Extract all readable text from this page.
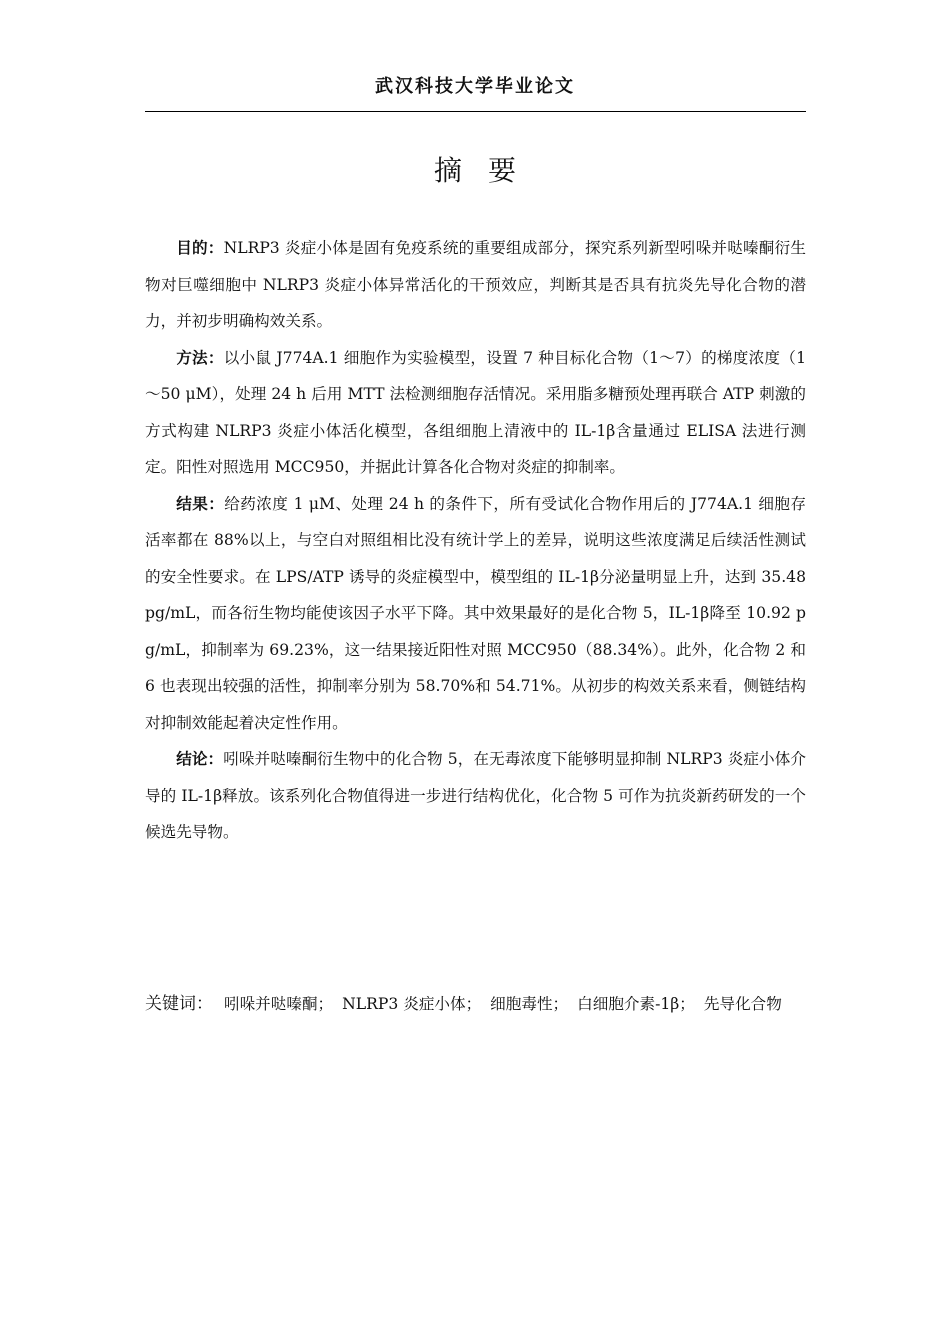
武汉科技大学毕业论文
摘要

目的：NLRP3 炎症小体是固有免疫系统的重要组成部分，探究系列新型吲哚并哒嗪酮衍生物对巨噬细胞中 NLRP3 炎症小体异常活化的干预效应，判断其是否具有抗炎先导化合物的潜力，并初步明确构效关系。

方法：以小鼠 J774A.1 细胞作为实验模型，设置 7 种目标化合物（1～7）的梯度浓度（1～50 μM），处理 24 h 后用 MTT 法检测细胞存活情况。采用脂多糖预处理再联合 ATP 刺激的方式构建 NLRP3 炎症小体活化模型，各组细胞上清液中的 IL-1β含量通过 ELISA 法进行测定。阳性对照选用 MCC950，并据此计算各化合物对炎症的抑制率。

结果：给药浓度 1 μM、处理 24 h 的条件下，所有受试化合物作用后的 J774A.1 细胞存活率都在 88%以上，与空白对照组相比没有统计学上的差异，说明这些浓度满足后续活性测试的安全性要求。在 LPS/ATP 诱导的炎症模型中，模型组的 IL-1β分泌量明显上升，达到 35.48 pg/mL，而各衍生物均能使该因子水平下降。其中效果最好的是化合物 5，IL-1β降至 10.92 pg/mL，抑制率为 69.23%，这一结果接近阳性对照 MCC950（88.34%）。此外，化合物 2 和 6 也表现出较强的活性，抑制率分别为 58.70%和 54.71%。从初步的构效关系来看，侧链结构对抑制效能起着决定性作用。

结论：吲哚并哒嗪酮衍生物中的化合物 5，在无毒浓度下能够明显抑制 NLRP3 炎症小体介导的 IL-1β释放。该系列化合物值得进一步进行结构优化，化合物 5 可作为抗炎新药研发的一个候选先导物。

关键词： 吲哚并哒嗪酮； NLRP3 炎症小体； 细胞毒性； 白细胞介素-1β； 先导化合物
